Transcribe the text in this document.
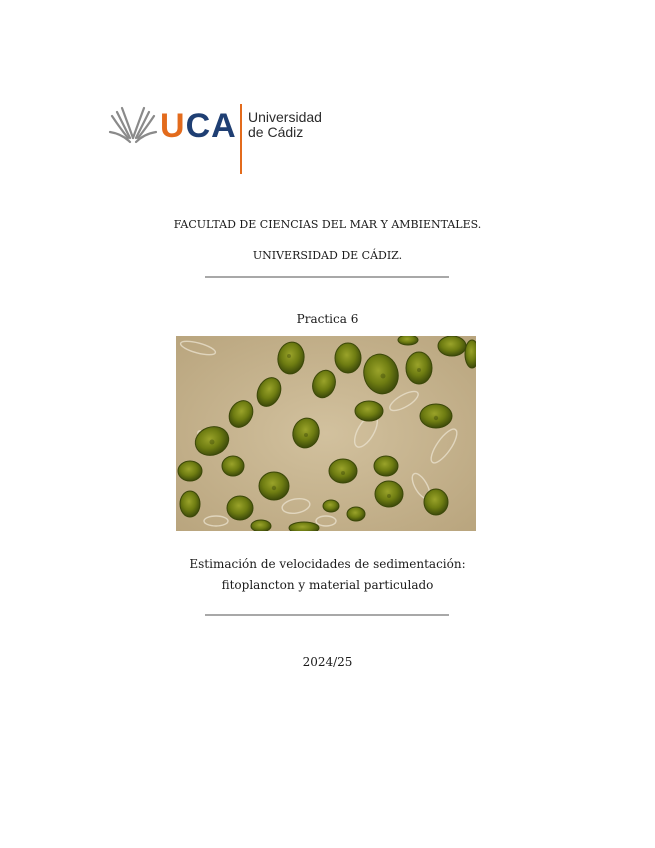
UCA Universidad
de Cádiz
FACULTAD DE CIENCIAS DEL MAR Y AMBIENTALES.
UNIVERSIDAD DE CÁDIZ.
Practica 6
Estimación de velocidades de sedimentación:
fitoplancton y material particulado
2024/25
